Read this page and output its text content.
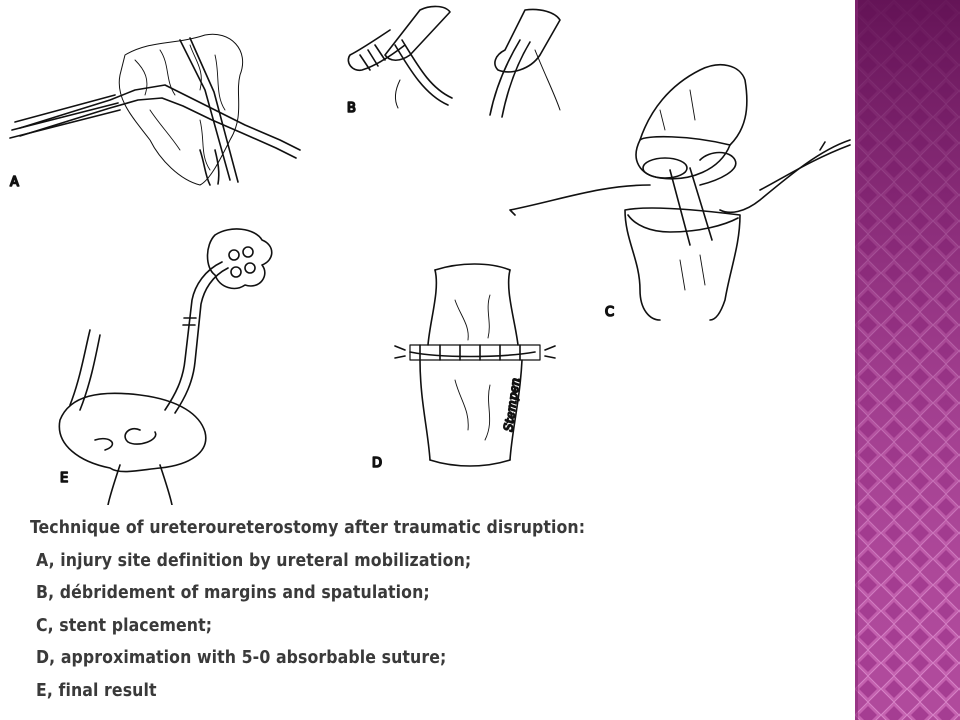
A
B
C
E
Stempen
D
Technique of ureteroureterostomy after traumatic disruption:
A, injury site definition by ureteral mobilization;
B, débridement of margins and spatulation;
C, stent placement;
D, approximation with 5-0 absorbable suture;
E, final result
